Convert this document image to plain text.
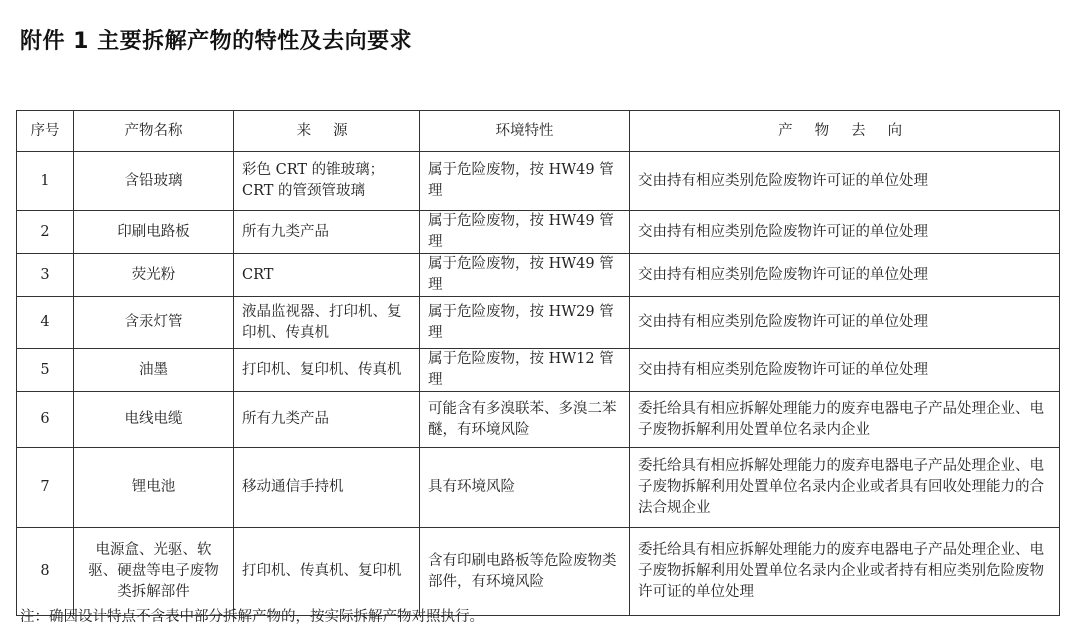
附件 1 主要拆解产物的特性及去向要求
序号	产物名称	来 源	环境特性	产 物 去 向
1	含铅玻璃	彩色 CRT 的锥玻璃；CRT 的管颈管玻璃	属于危险废物，按 HW49 管理	交由持有相应类别危险废物许可证的单位处理
2	印刷电路板	所有九类产品	属于危险废物，按 HW49 管理	交由持有相应类别危险废物许可证的单位处理
3	荧光粉	CRT	属于危险废物，按 HW49 管理	交由持有相应类别危险废物许可证的单位处理
4	含汞灯管	液晶监视器、打印机、复印机、传真机	属于危险废物，按 HW29 管理	交由持有相应类别危险废物许可证的单位处理
5	油墨	打印机、复印机、传真机	属于危险废物，按 HW12 管理	交由持有相应类别危险废物许可证的单位处理
6	电线电缆	所有九类产品	可能含有多溴联苯、多溴二苯醚，有环境风险	委托给具有相应拆解处理能力的废弃电器电子产品处理企业、电子废物拆解利用处置单位名录内企业
7	锂电池	移动通信手持机	具有环境风险	委托给具有相应拆解处理能力的废弃电器电子产品处理企业、电子废物拆解利用处置单位名录内企业或者具有回收处理能力的合法合规企业
8	电源盒、光驱、软驱、硬盘等电子废物类拆解部件	打印机、传真机、复印机	含有印刷电路板等危险废物类部件，有环境风险	委托给具有相应拆解处理能力的废弃电器电子产品处理企业、电子废物拆解利用处置单位名录内企业或者持有相应类别危险废物许可证的单位处理
注：确因设计特点不含表中部分拆解产物的，按实际拆解产物对照执行。
